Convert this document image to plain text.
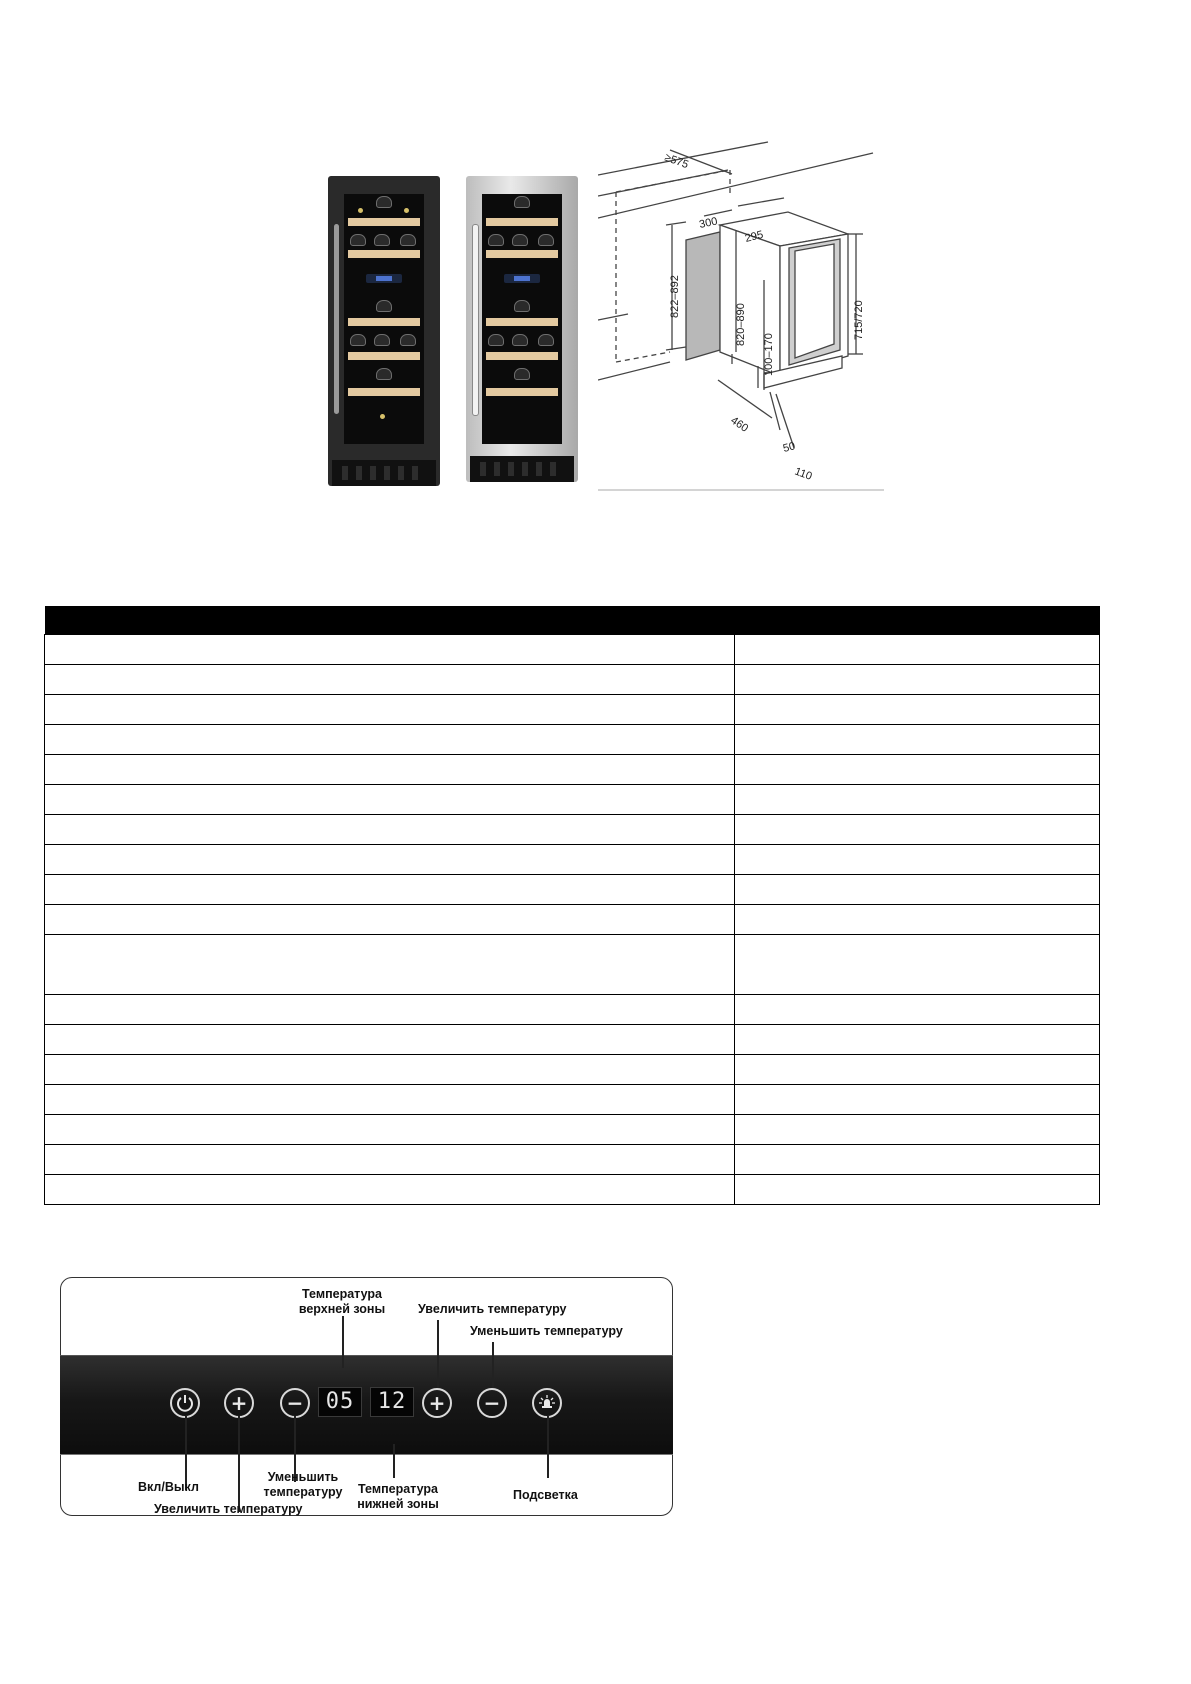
≥575
300
295
822–892
820–890	715/720
100–170
460
50
110

+	−	05	12	+	−
Температура
верхней зоны	Увеличить температуру
Уменьшить температуру
Вкл/Выкл
Уменьшить
температуру	Температура
нижней зоны
Подсветка
Увеличить температуру
